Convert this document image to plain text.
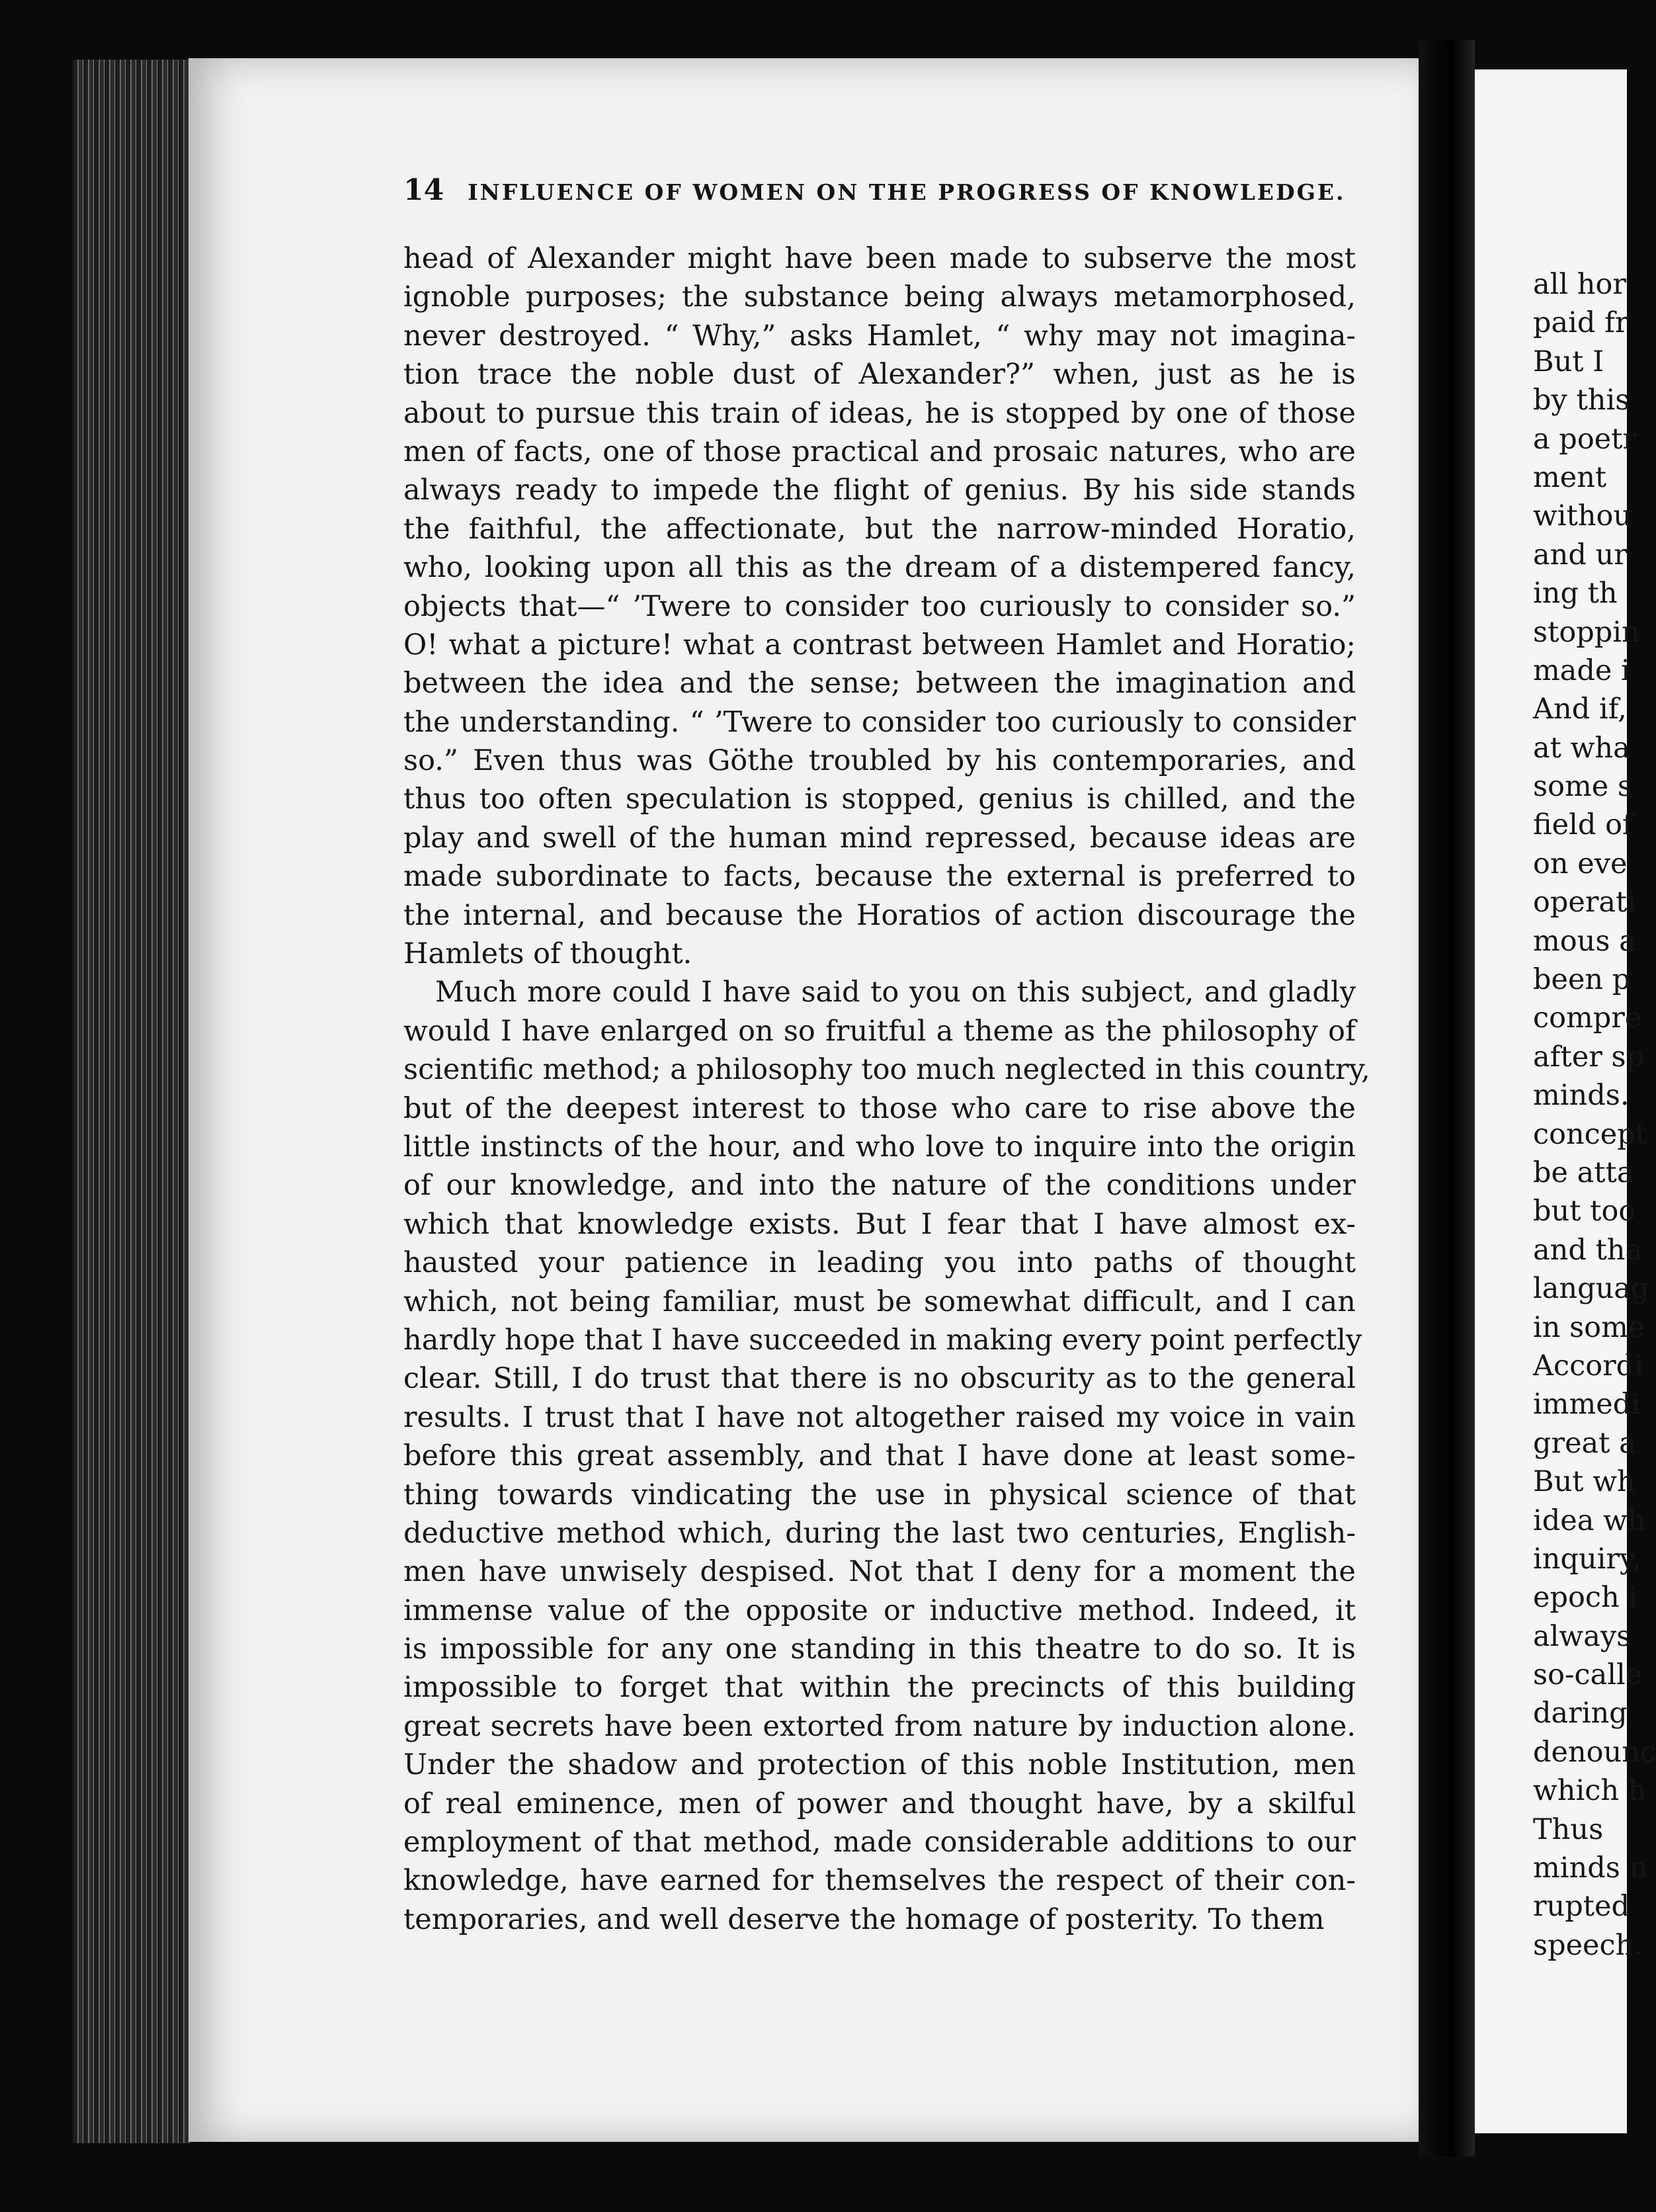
14 INFLUENCE OF WOMEN ON THE PROGRESS OF KNOWLEDGE.
head of Alexander might have been made to subserve the most
ignoble purposes; the substance being always metamorphosed,
never destroyed. “ Why,” asks Hamlet, “ why may not imagina-
tion trace the noble dust of Alexander?” when, just as he is
about to pursue this train of ideas, he is stopped by one of those
men of facts, one of those practical and prosaic natures, who are
always ready to impede the flight of genius. By his side stands
the faithful, the affectionate, but the narrow-minded Horatio,
who, looking upon all this as the dream of a distempered fancy,
objects that—“ ’Twere to consider too curiously to consider so.”
O! what a picture! what a contrast between Hamlet and Horatio;
between the idea and the sense; between the imagination and
the understanding. “ ’Twere to consider too curiously to consider
so.” Even thus was Göthe troubled by his contemporaries, and
thus too often speculation is stopped, genius is chilled, and the
play and swell of the human mind repressed, because ideas are
made subordinate to facts, because the external is preferred to
the internal, and because the Horatios of action discourage the
Hamlets of thought.
Much more could I have said to you on this subject, and gladly
would I have enlarged on so fruitful a theme as the philosophy of
scientific method; a philosophy too much neglected in this country,
but of the deepest interest to those who care to rise above the
little instincts of the hour, and who love to inquire into the origin
of our knowledge, and into the nature of the conditions under
which that knowledge exists. But I fear that I have almost ex-
hausted your patience in leading you into paths of thought
which, not being familiar, must be somewhat difficult, and I can
hardly hope that I have succeeded in making every point perfectly
clear. Still, I do trust that there is no obscurity as to the general
results. I trust that I have not altogether raised my voice in vain
before this great assembly, and that I have done at least some-
thing towards vindicating the use in physical science of that
deductive method which, during the last two centuries, English-
men have unwisely despised. Not that I deny for a moment the
immense value of the opposite or inductive method. Indeed, it
is impossible for any one standing in this theatre to do so. It is
impossible to forget that within the precincts of this building
great secrets have been extorted from nature by induction alone.
Under the shadow and protection of this noble Institution, men
of real eminence, men of power and thought have, by a skilful
employment of that method, made considerable additions to our
knowledge, have earned for themselves the respect of their con-
temporaries, and well deserve the homage of posterity. To them
all hor
paid fr
But I
by this
a poetr
ment
withou
and ur
ing th
stoppin
made i
And if,
at wha
some s
field of
on eve
operati
mous a
been p
compre
after sp
minds.
concept
be atta
but too
and tha
languag
in some
Accordi
immedi
great a
But wh
idea wh
inquiry,
epoch i
always
so-calle
daring
denounc
which h
Thus
minds n
rupted
speech.
